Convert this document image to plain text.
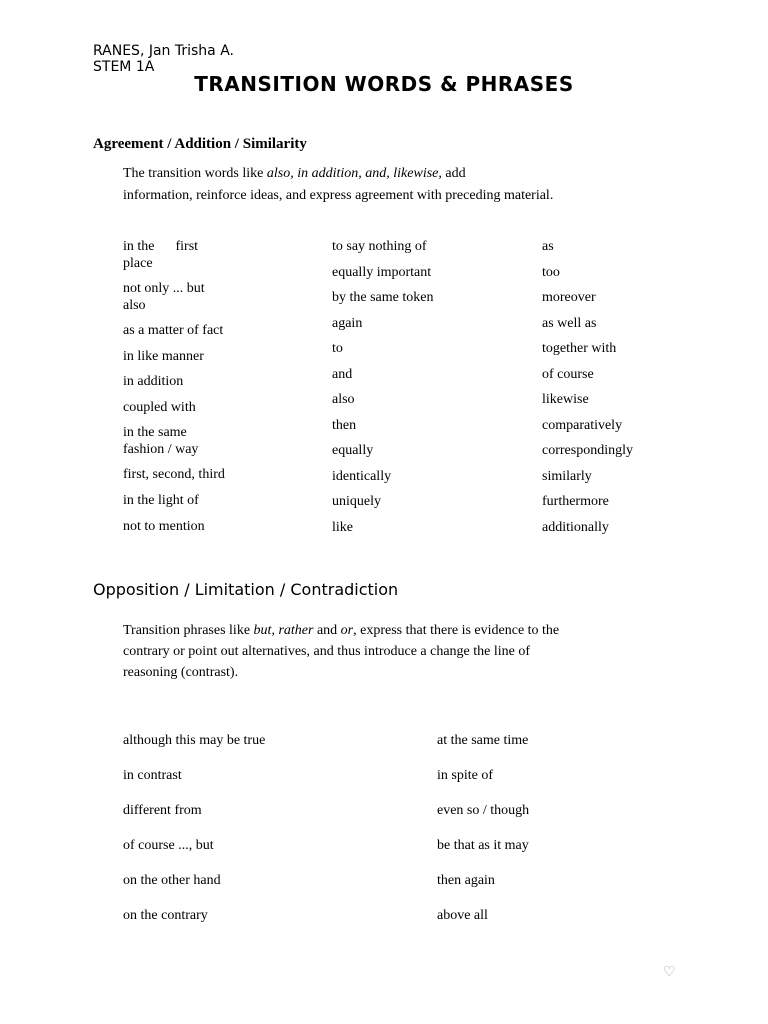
RANES, Jan Trisha A.
STEM 1A
TRANSITION WORDS & PHRASES
Agreement / Addition / Similarity

The transition words like also, in addition, and, likewise, add
information, reinforce ideas, and express agreement with preceding material.

in the      first
place
not only ... but
also
as a matter of fact
in like manner
in addition
coupled with
in the same
fashion / way
first, second, third
in the light of
not to mention
to say nothing of
equally important
by the same token
again
to
and
also
then
equally
identically
uniquely
like
as
too
moreover
as well as
together with
of course
likewise
comparatively
correspondingly
similarly
furthermore
additionally
Opposition / Limitation / Contradiction

Transition phrases like but, rather and or, express that there is evidence to the
contrary or point out alternatives, and thus introduce a change the line of
reasoning (contrast).

although this may be true
in contrast
different from
of course ..., but
on the other hand
on the contrary
at the same time
in spite of
even so / though
be that as it may
then again
above all
♡
